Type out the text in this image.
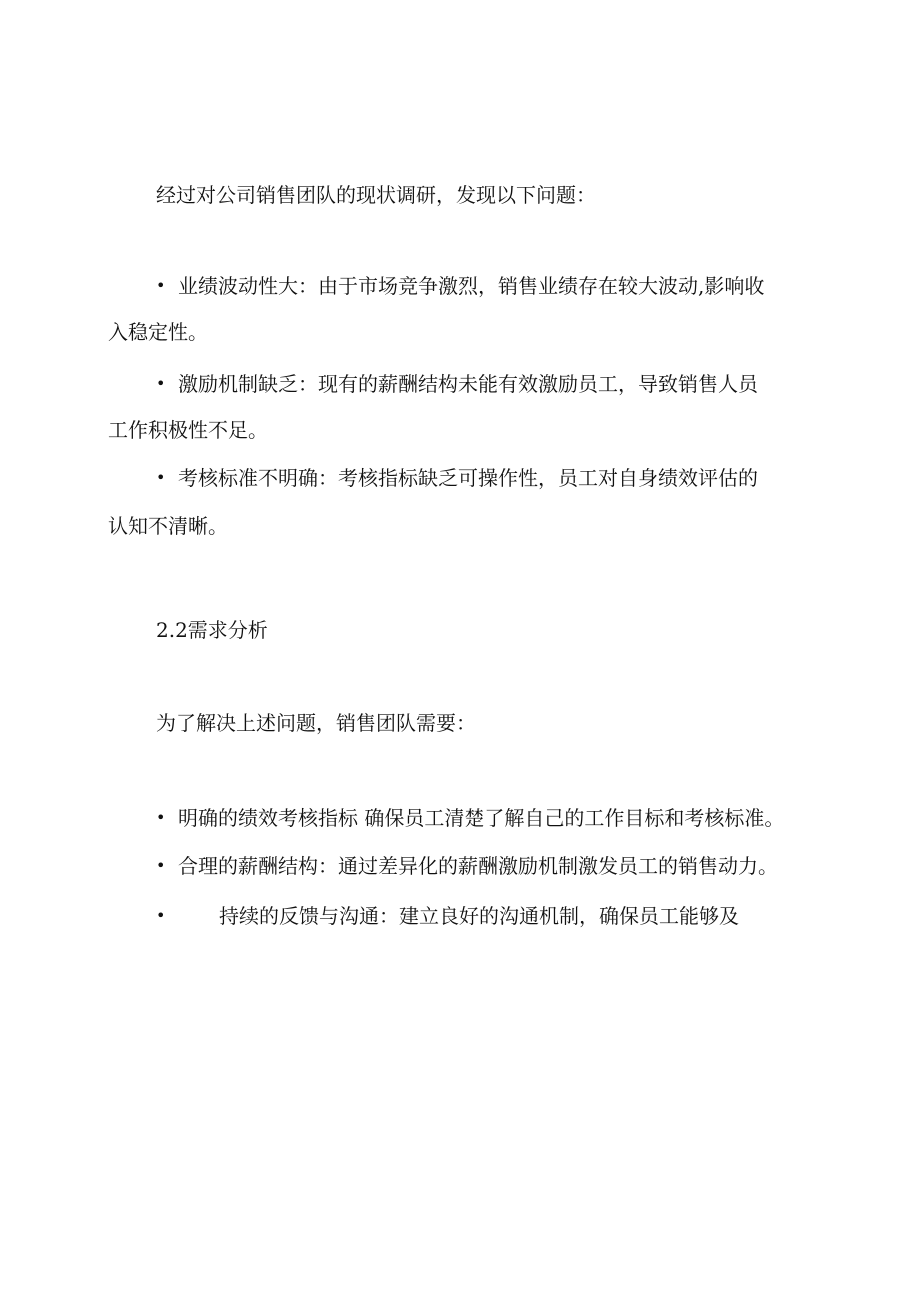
经过对公司销售团队的现状调研，发现以下问题：
• 业绩波动性大：由于市场竞争激烈，销售业绩存在较大波动,影响收
入稳定性。
• 激励机制缺乏：现有的薪酬结构未能有效激励员工，导致销售人员
工作积极性不足。
• 考核标准不明确：考核指标缺乏可操作性，员工对自身绩效评估的
认知不清晰。
2.2需求分析
为了解决上述问题，销售团队需要：
• 明确的绩效考核指标 确保员工清楚了解自己的工作目标和考核标准。
• 合理的薪酬结构：通过差异化的薪酬激励机制激发员工的销售动力。
•	持续的反馈与沟通：建立良好的沟通机制，确保员工能够及
